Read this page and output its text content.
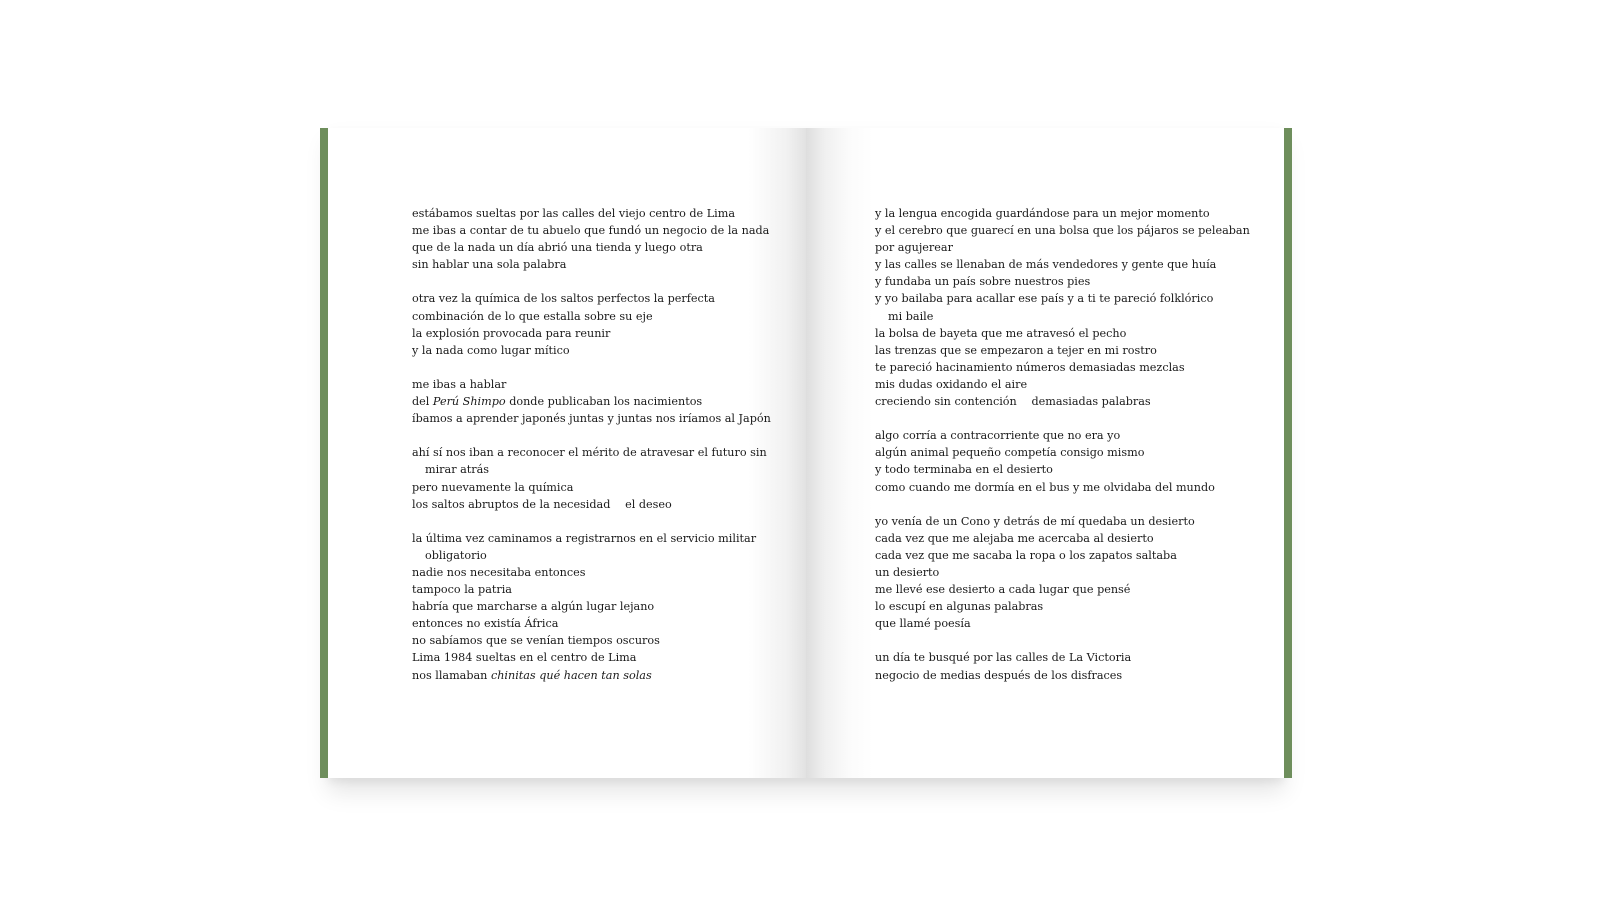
estábamos sueltas por las calles del viejo centro de Lima
me ibas a contar de tu abuelo que fundó un negocio de la nada
que de la nada un día abrió una tienda y luego otra
sin hablar una sola palabra
otra vez la química de los saltos perfectos la perfecta
combinación de lo que estalla sobre su eje
la explosión provocada para reunir
y la nada como lugar mítico
me ibas a hablar
del Perú Shimpo donde publicaban los nacimientos
íbamos a aprender japonés juntas y juntas nos iríamos al Japón
ahí sí nos iban a reconocer el mérito de atravesar el futuro sin
mirar atrás
pero nuevamente la química
los saltos abruptos de la necesidad  el deseo
la última vez caminamos a registrarnos en el servicio militar
obligatorio
nadie nos necesitaba entonces
tampoco la patria
habría que marcharse a algún lugar lejano
entonces no existía África
no sabíamos que se venían tiempos oscuros
Lima 1984 sueltas en el centro de Lima
nos llamaban chinitas qué hacen tan solas
y la lengua encogida guardándose para un mejor momento
y el cerebro que guarecí en una bolsa que los pájaros se peleaban
por agujerear
y las calles se llenaban de más vendedores y gente que huía
y fundaba un país sobre nuestros pies
y yo bailaba para acallar ese país y a ti te pareció folklórico
mi baile
la bolsa de bayeta que me atravesó el pecho
las trenzas que se empezaron a tejer en mi rostro
te pareció hacinamiento números demasiadas mezclas
mis dudas oxidando el aire
creciendo sin contención  demasiadas palabras
algo corría a contracorriente que no era yo
algún animal pequeño competía consigo mismo
y todo terminaba en el desierto
como cuando me dormía en el bus y me olvidaba del mundo
yo venía de un Cono y detrás de mí quedaba un desierto
cada vez que me alejaba me acercaba al desierto
cada vez que me sacaba la ropa o los zapatos saltaba
un desierto
me llevé ese desierto a cada lugar que pensé
lo escupí en algunas palabras
que llamé poesía
un día te busqué por las calles de La Victoria
negocio de medias después de los disfraces
